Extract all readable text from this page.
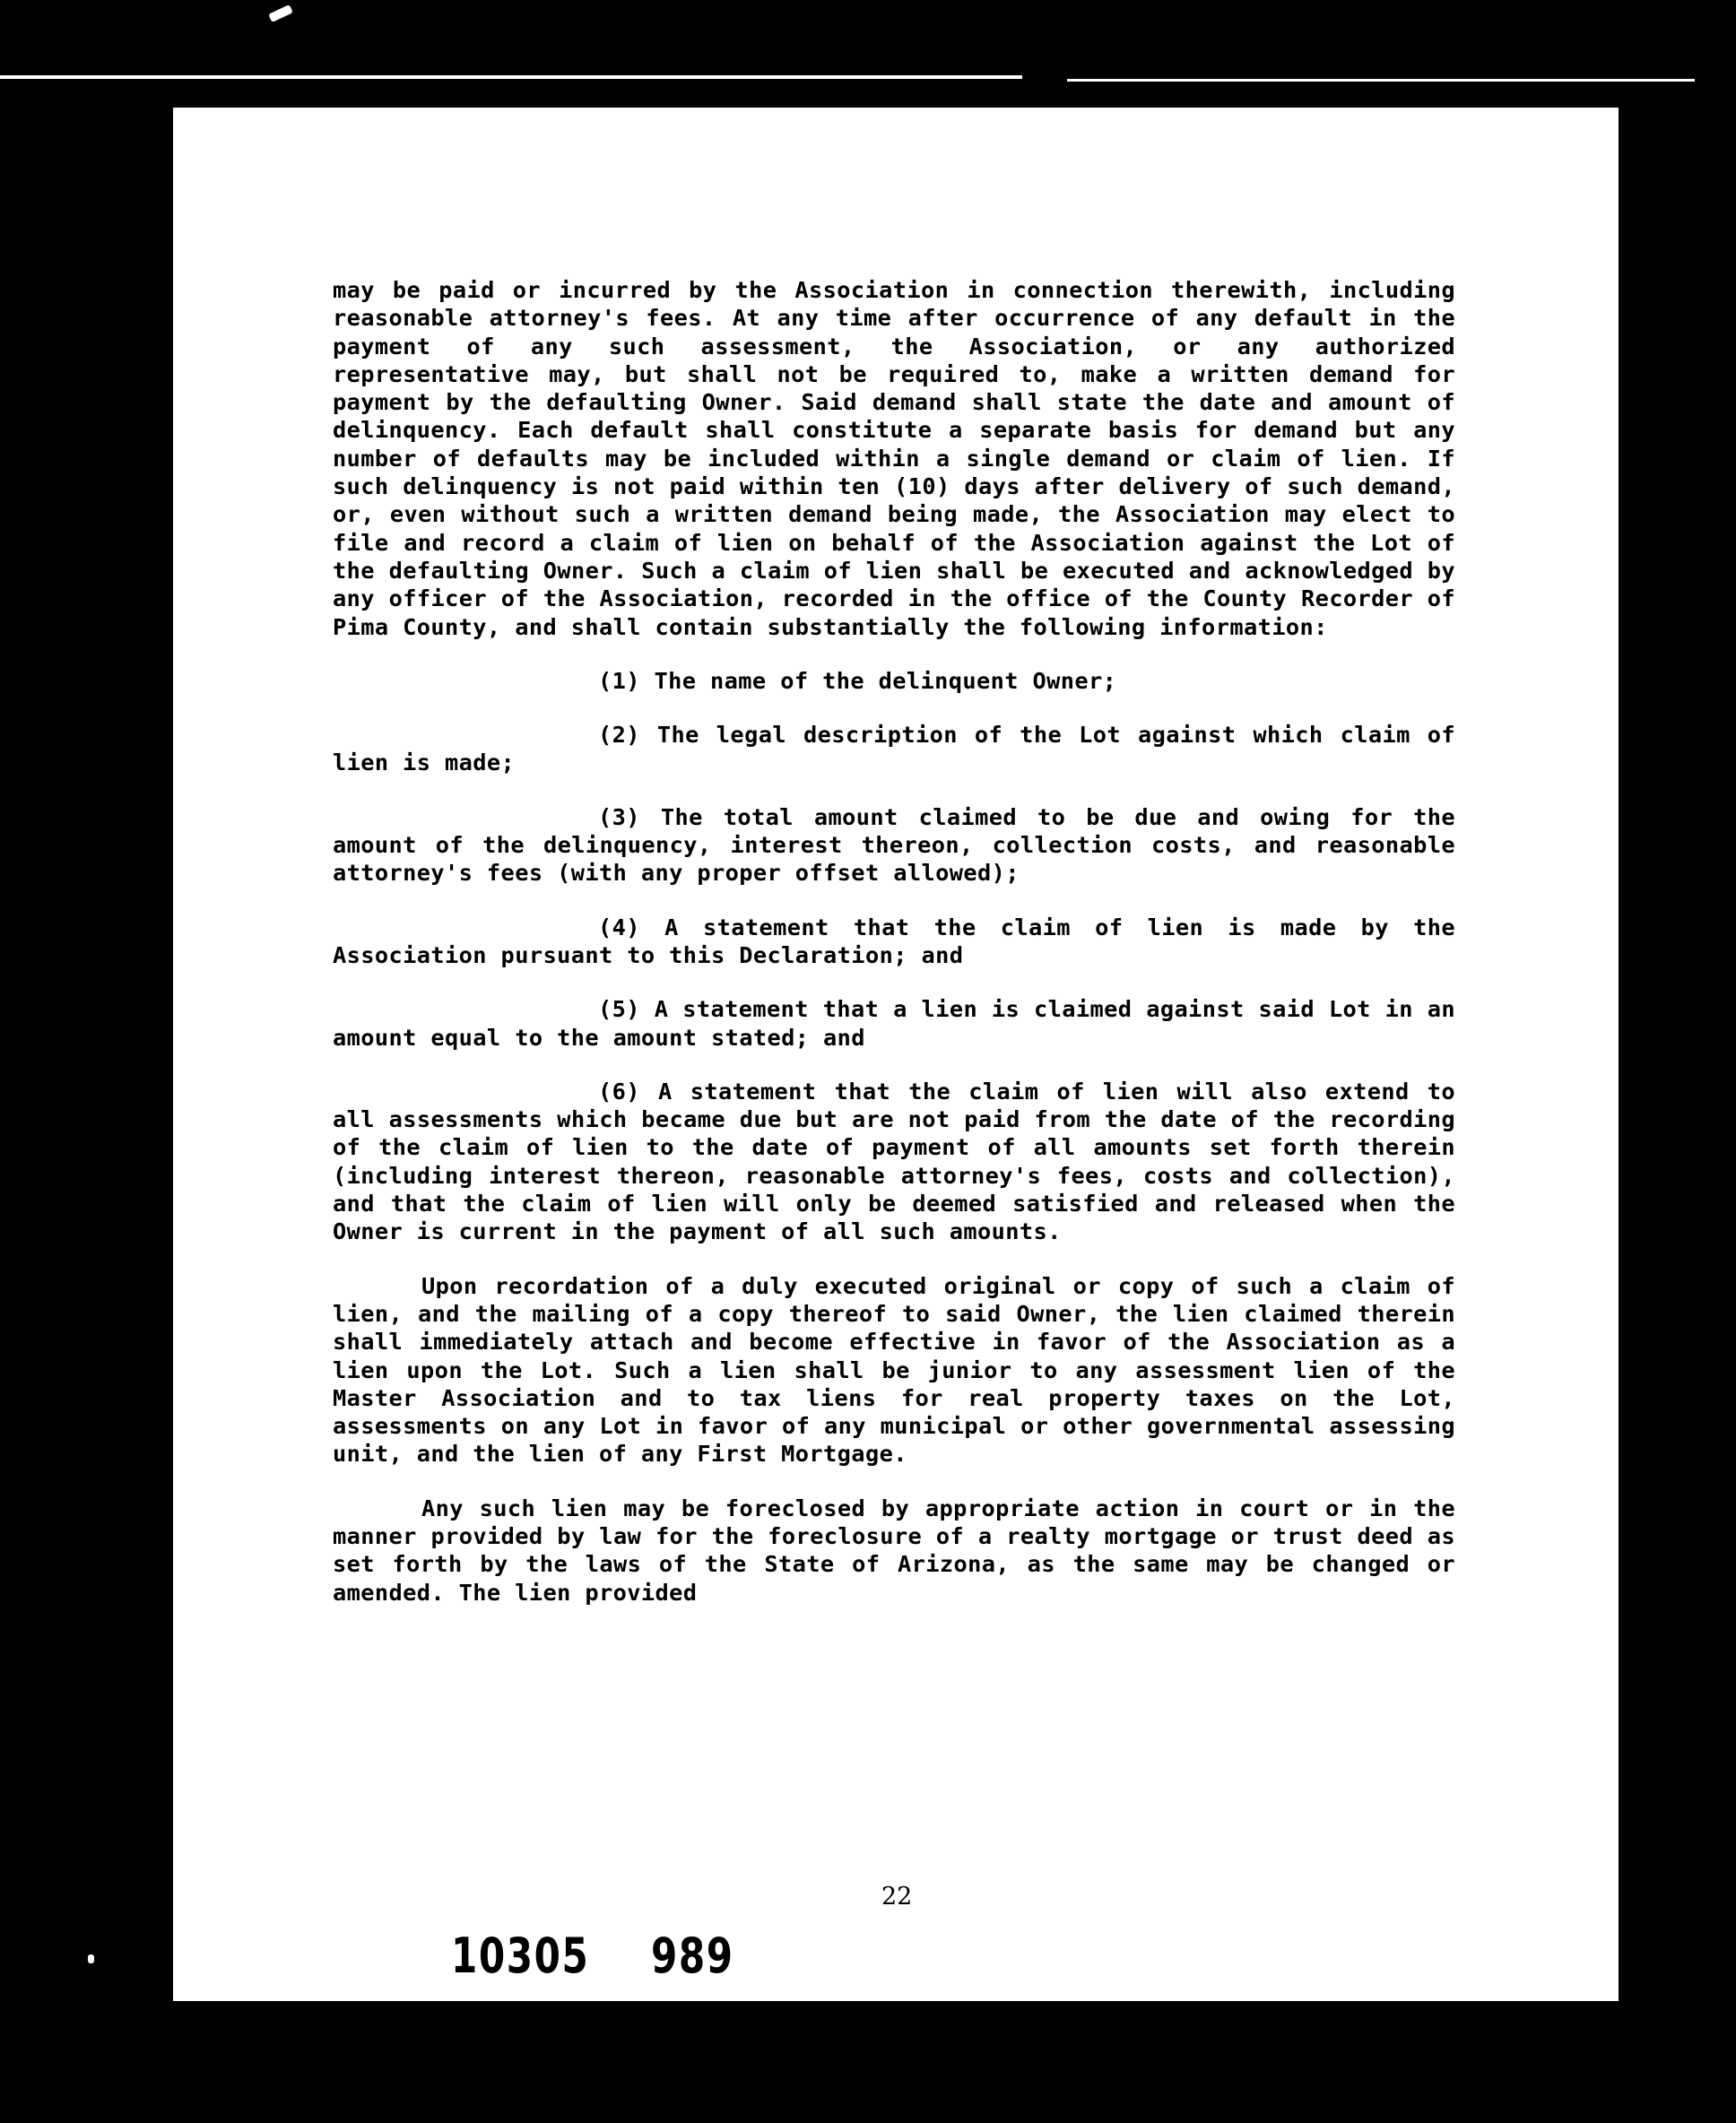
may be paid or incurred by the Association in connection therewith, including reasonable attorney's fees. At any time after occurrence of any default in the payment of any such assessment, the Association, or any authorized representative may, but shall not be required to, make a written demand for payment by the defaulting Owner. Said demand shall state the date and amount of delinquency. Each default shall constitute a separate basis for demand but any number of defaults may be included within a single demand or claim of lien. If such delinquency is not paid within ten (10) days after delivery of such demand, or, even without such a written demand being made, the Association may elect to file and record a claim of lien on behalf of the Association against the Lot of the defaulting Owner. Such a claim of lien shall be executed and acknowledged by any officer of the Association, recorded in the office of the County Recorder of Pima County, and shall contain substantially the following information:

(1) The name of the delinquent Owner;

(2) The legal description of the Lot against which claim of lien is made;

(3) The total amount claimed to be due and owing for the amount of the delinquency, interest thereon, collection costs, and reasonable attorney's fees (with any proper offset allowed);

(4) A statement that the claim of lien is made by the Association pursuant to this Declaration; and

(5) A statement that a lien is claimed against said Lot in an amount equal to the amount stated; and

(6) A statement that the claim of lien will also extend to all assessments which became due but are not paid from the date of the recording of the claim of lien to the date of payment of all amounts set forth therein (including interest thereon, reasonable attorney's fees, costs and collection), and that the claim of lien will only be deemed satisfied and released when the Owner is current in the payment of all such amounts.

Upon recordation of a duly executed original or copy of such a claim of lien, and the mailing of a copy thereof to said Owner, the lien claimed therein shall immediately attach and become effective in favor of the Association as a lien upon the Lot. Such a lien shall be junior to any assessment lien of the Master Association and to tax liens for real property taxes on the Lot, assessments on any Lot in favor of any municipal or other governmental assessing unit, and the lien of any First Mortgage.

Any such lien may be foreclosed by appropriate action in court or in the manner provided by law for the foreclosure of a realty mortgage or trust deed as set forth by the laws of the State of Arizona, as the same may be changed or amended. The lien provided

22
10305 989
